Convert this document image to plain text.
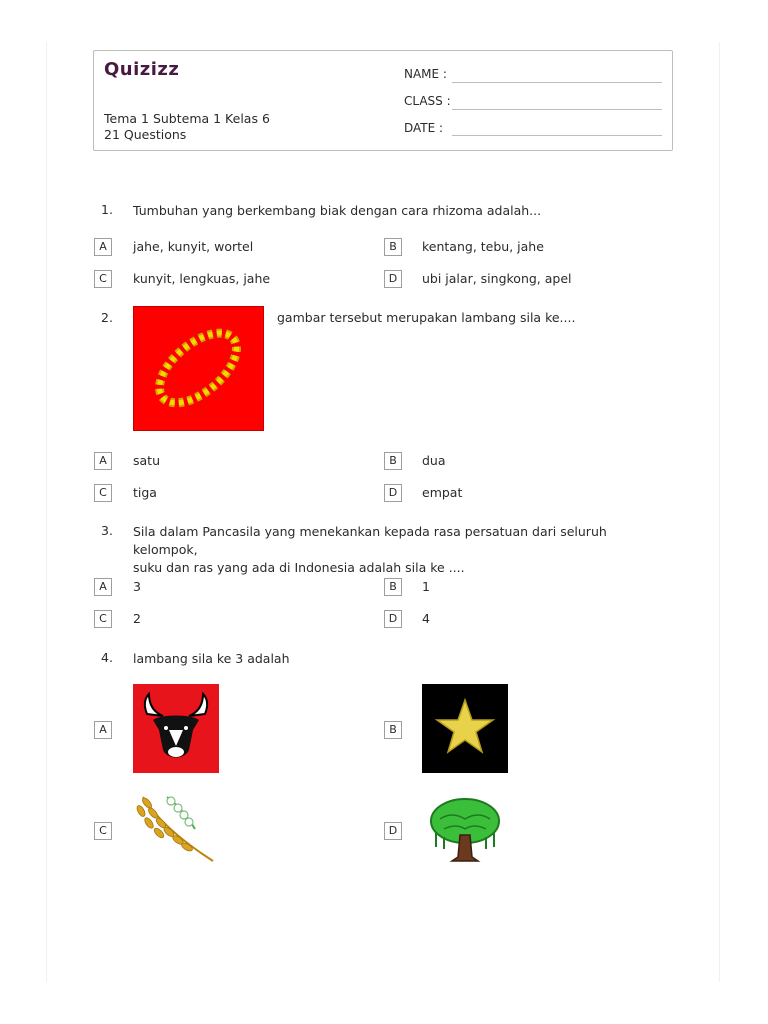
Quizizz
Tema 1 Subtema 1 Kelas 6
21 Questions
NAME :
CLASS :
DATE :
1. Tumbuhan yang berkembang biak dengan cara rhizoma adalah...
A	jahe, kunyit, wortel	B	kentang, tebu, jahe
C	kunyit, lengkuas, jahe	D	ubi jalar, singkong, apel
2.	gambar tersebut merupakan lambang sila ke....
A	satu	B	dua
C	tiga	D	empat
3. Sila dalam Pancasila yang menekankan kepada rasa persatuan dari seluruh kelompok,
suku dan ras yang ada di Indonesia adalah sila ke ....
A	3	B	1
C	2	D	4
4. lambang sila ke 3 adalah
A	B
C	D
